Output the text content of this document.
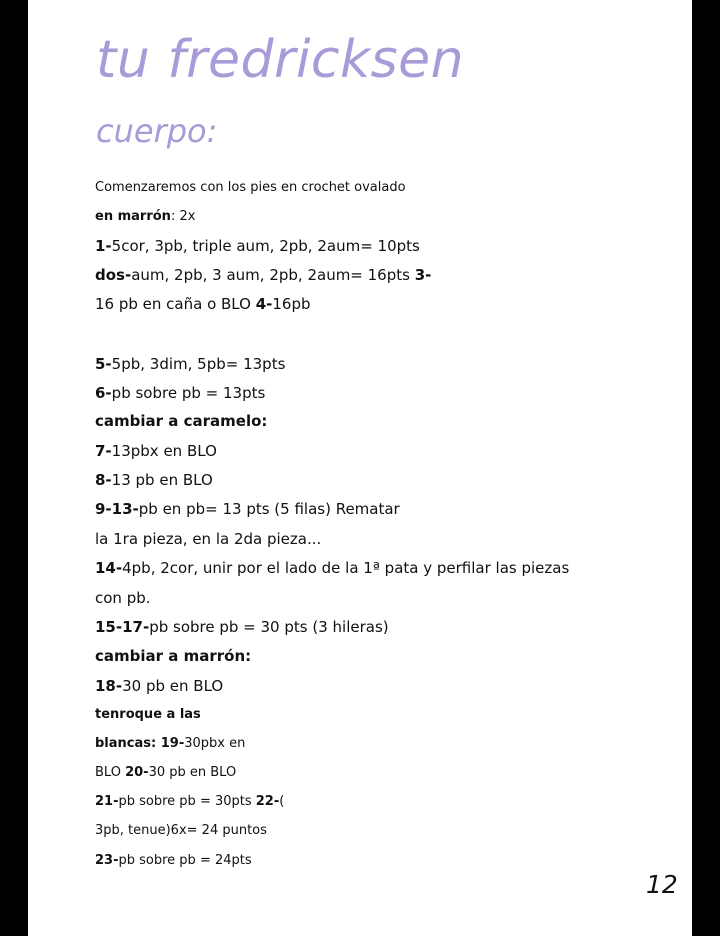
tu fredricksen
cuerpo:

Comenzaremos con los pies en crochet ovalado

en marrón: 2x

1-5cor, 3pb, triple aum, 2pb, 2aum= 10pts

dos-aum, 2pb, 3 aum, 2pb, 2aum= 16pts 3-

16 pb en caña o BLO 4-16pb

5-5pb, 3dim, 5pb= 13pts

6-pb sobre pb = 13pts

cambiar a caramelo:

7-13pbx en BLO

8-13 pb en BLO

9-13-pb en pb= 13 pts (5 filas) Rematar

la 1ra pieza, en la 2da pieza...

14-4pb, 2cor, unir por el lado de la 1ª pata y perfilar las piezas

con pb.

15-17-pb sobre pb = 30 pts (3 hileras)

cambiar a marrón:

18-30 pb en BLO

tenroque a las

blancas: 19-30pbx en

BLO 20-30 pb en BLO

21-pb sobre pb = 30pts 22-(

3pb, tenue)6x= 24 puntos

23-pb sobre pb = 24pts

12
